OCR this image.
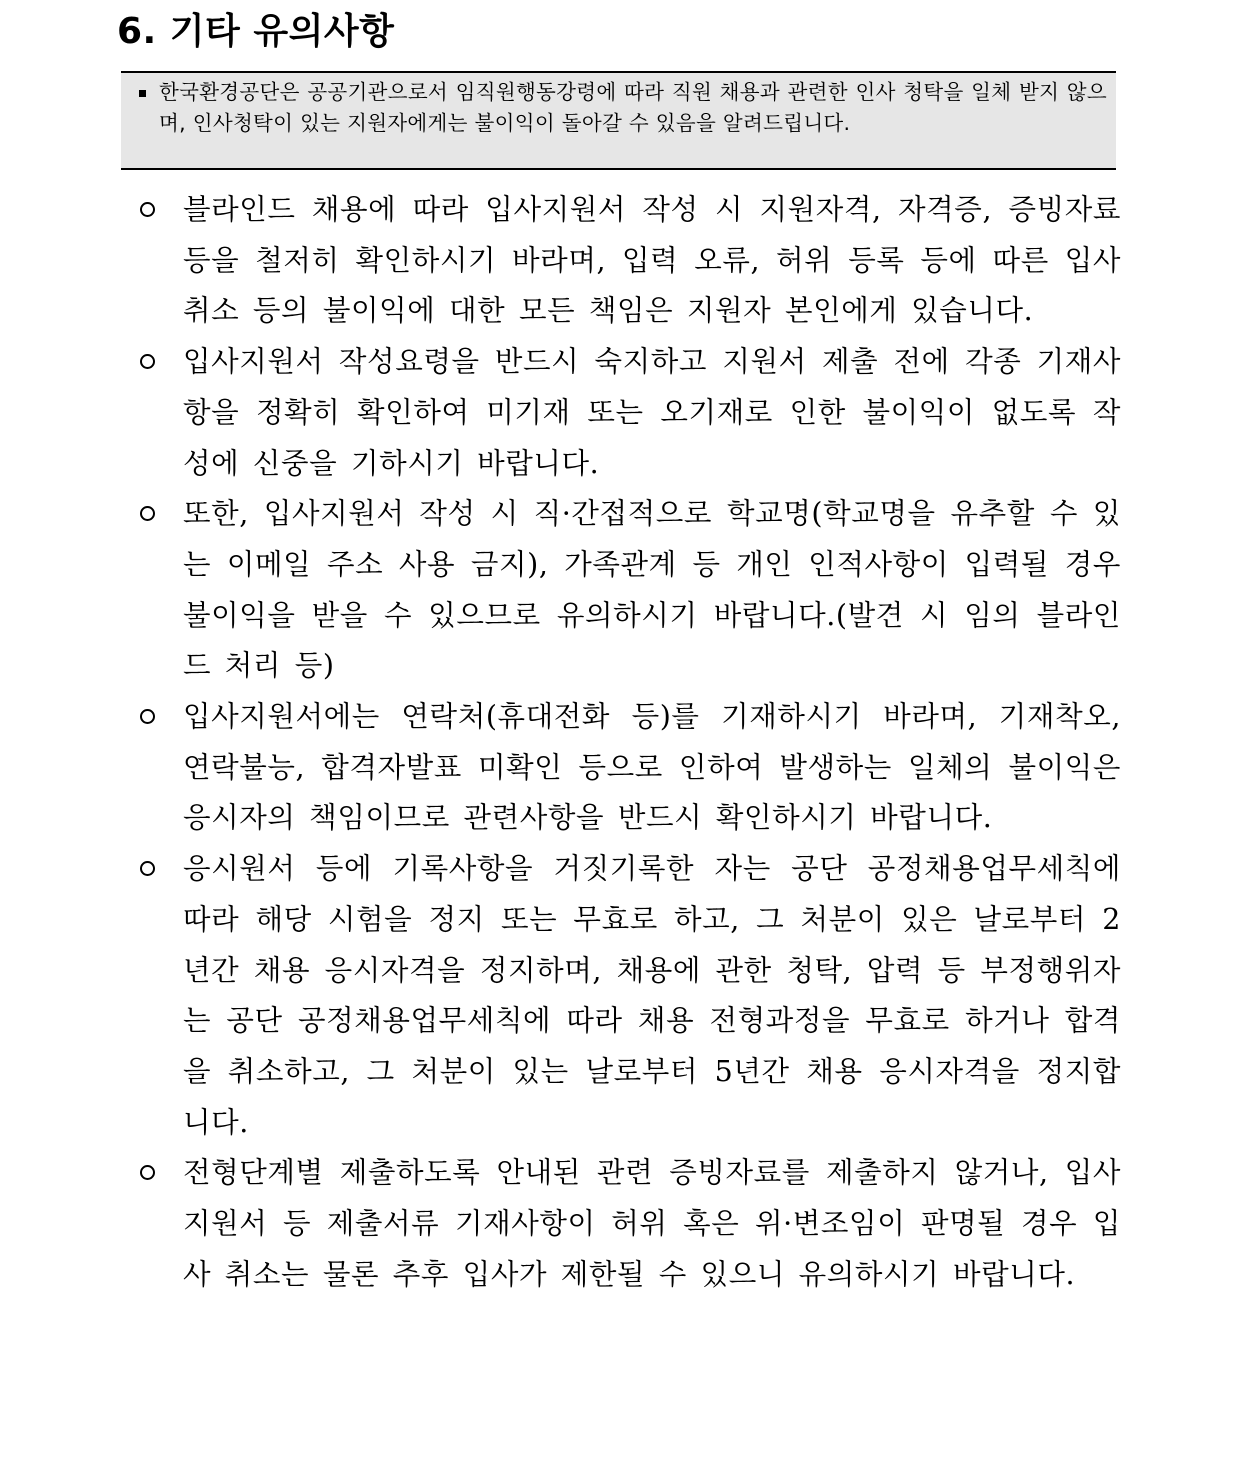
6. 기타 유의사항

한국환경공단은 공공기관으로서 임직원행동강령에 따라 직원 채용과 관련한 인사 청탁을 일체 받지 않으며, 인사청탁이 있는 지원자에게는 불이익이 돌아갈 수 있음을 알려드립니다.

블라인드 채용에 따라 입사지원서 작성 시 지원자격, 자격증, 증빙자료 등을 철저히 확인하시기 바라며, 입력 오류, 허위 등록 등에 따른 입사취소 등의 불이익에 대한 모든 책임은 지원자 본인에게 있습니다.
입사지원서 작성요령을 반드시 숙지하고 지원서 제출 전에 각종 기재사항을 정확히 확인하여 미기재 또는 오기재로 인한 불이익이 없도록 작성에 신중을 기하시기 바랍니다.
또한, 입사지원서 작성 시 직·간접적으로 학교명(학교명을 유추할 수 있는 이메일 주소 사용 금지), 가족관계 등 개인 인적사항이 입력될 경우 불이익을 받을 수 있으므로 유의하시기 바랍니다.(발견 시 임의 블라인드 처리 등)
입사지원서에는 연락처(휴대전화 등)를 기재하시기 바라며, 기재착오, 연락불능, 합격자발표 미확인 등으로 인하여 발생하는 일체의 불이익은 응시자의 책임이므로 관련사항을 반드시 확인하시기 바랍니다.
응시원서 등에 기록사항을 거짓기록한 자는 공단 공정채용업무세칙에 따라 해당 시험을 정지 또는 무효로 하고, 그 처분이 있은 날로부터 2년간 채용 응시자격을 정지하며, 채용에 관한 청탁, 압력 등 부정행위자는 공단 공정채용업무세칙에 따라 채용 전형과정을 무효로 하거나 합격을 취소하고, 그 처분이 있는 날로부터 5년간 채용 응시자격을 정지합니다.
전형단계별 제출하도록 안내된 관련 증빙자료를 제출하지 않거나, 입사지원서 등 제출서류 기재사항이 허위 혹은 위·변조임이 판명될 경우 입사 취소는 물론 추후 입사가 제한될 수 있으니 유의하시기 바랍니다.
